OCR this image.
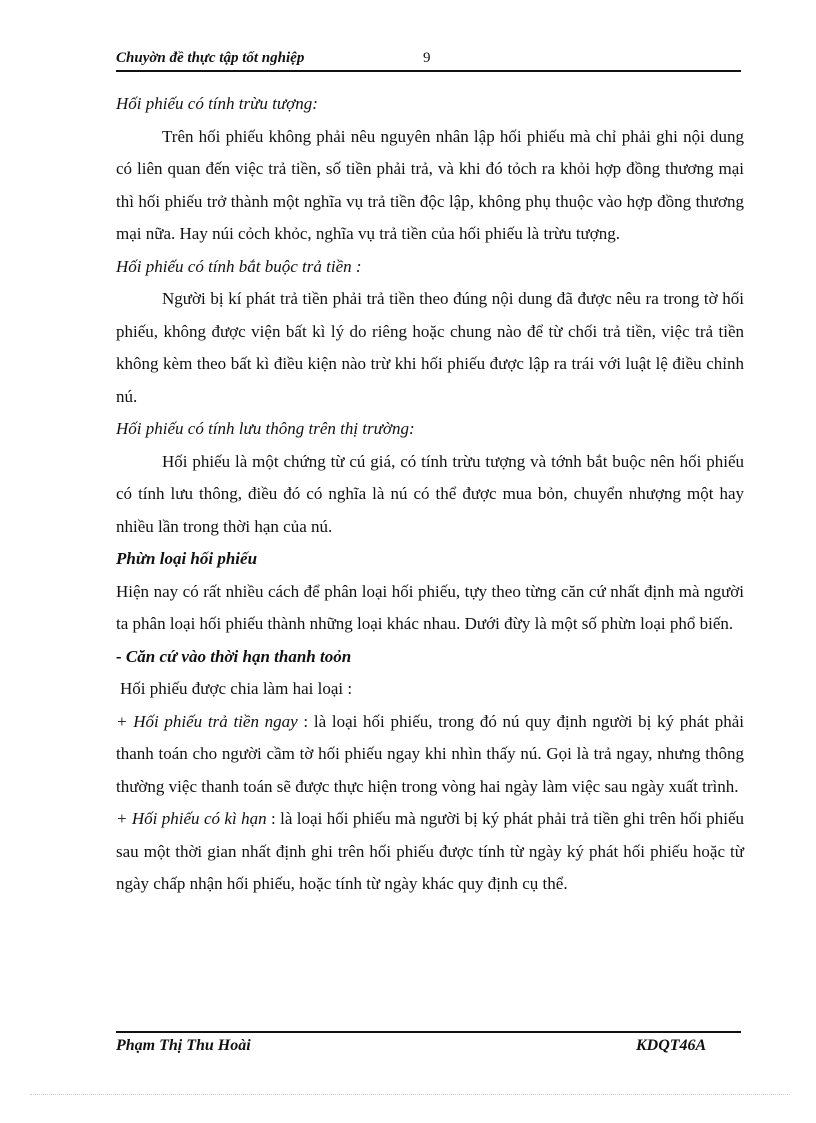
Chuyờn đề thực tập tốt nghiệp	9

Hối phiếu có tính trừu tượng:

Trên hối phiếu không phải nêu nguyên nhân lập hối phiếu mà chỉ phải ghi nội dung có liên quan đến việc trả tiền, số tiền phải trả, và khi đó tỏch ra khỏi hợp đồng thương mại thì hối phiếu trở thành một nghĩa vụ trả tiền độc lập, không phụ thuộc vào hợp đồng thương mại nữa. Hay núi cỏch khỏc, nghĩa vụ trả tiền của hối phiếu là trừu tượng.

Hối phiếu có tính bắt buộc trả tiền :

Người bị kí phát trả tiền phải trả tiền theo đúng nội dung đã được nêu ra trong tờ hối phiếu, không được viện bất kì lý do riêng hoặc chung nào để từ chối trả tiền, việc trả tiền không kèm theo bất kì điều kiện nào trừ khi hối phiếu được lập ra trái với luật lệ điều chỉnh nú.

Hối phiếu có tính lưu thông trên thị trường:

Hối phiếu là một chứng từ cú giá, có tính trừu tượng và tớnh bắt buộc nên hối phiếu có tính lưu thông, điều đó có nghĩa là nú có thể được mua bỏn, chuyển nhượng một hay nhiều lần trong thời hạn của nú.

Phừn loại hối phiếu

Hiện nay có rất nhiều cách để phân loại hối phiếu, tựy theo từng căn cứ nhất định mà người ta phân loại hối phiếu thành những loại khác nhau. Dưới đừy là một số phừn loại phổ biến.

- Căn cứ vào thời hạn thanh toỏn

Hối phiếu được chia làm hai loại :

+ Hối phiếu trả tiền ngay : là loại hối phiếu, trong đó nú quy định người bị ký phát phải thanh toán cho người cầm tờ hối phiếu ngay khi nhìn thấy nú. Gọi là trả ngay, nhưng thông thường việc thanh toán sẽ được thực hiện trong vòng hai ngày làm việc sau ngày xuất trình.

+ Hối phiếu có kì hạn : là loại hối phiếu mà người bị ký phát phải trả tiền ghi trên hối phiếu sau một thời gian nhất định ghi trên hối phiếu được tính từ ngày ký phát hối phiếu hoặc từ ngày chấp nhận hối phiếu, hoặc tính từ ngày khác quy định cụ thể.

Phạm Thị Thu Hoài	KDQT46A
